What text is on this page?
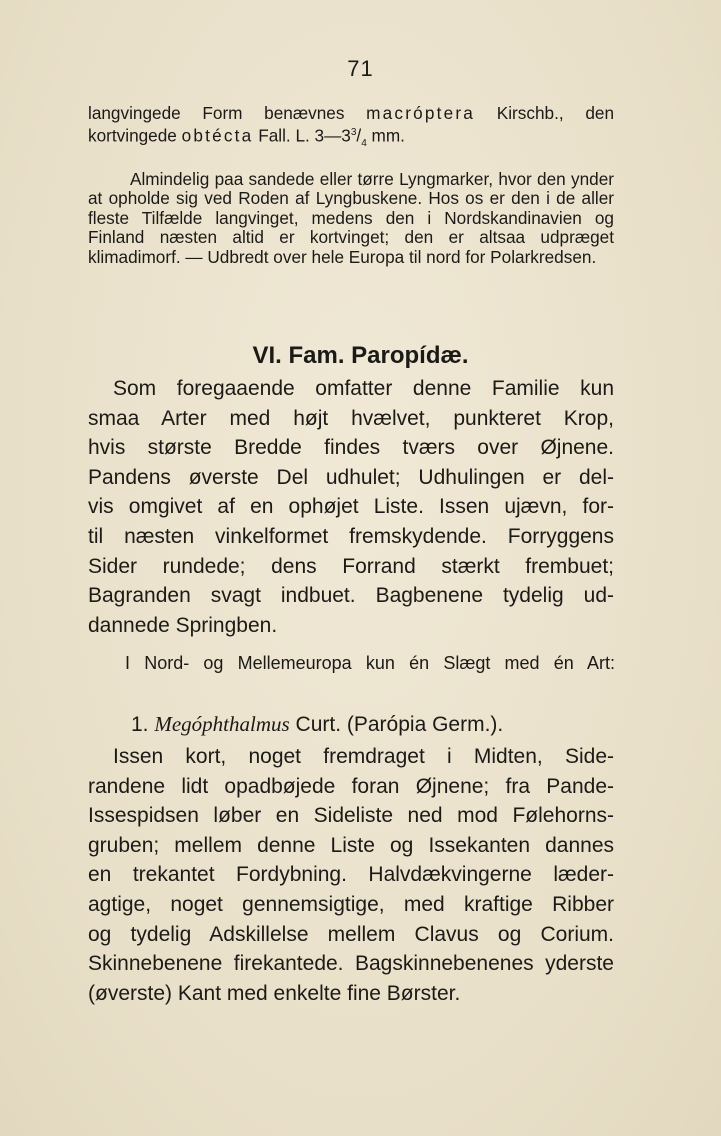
71

langvingede Form benævnes macróptera Kirschb., den kortvingede obtécta Fall. L. $3—3^3/_4$ mm.

Almindelig paa sandede eller tørre Lyngmarker, hvor den ynder at opholde sig ved Roden af Lyngbuskene. Hos os er den i de aller fleste Tilfælde langvinget, medens den i Nordskandinavien og Finland næsten altid er kortvinget; den er altsaa udpræget klimadimorf. — Udbredt over hele Europa til nord for Polarkredsen.

VI. Fam. Paropídæ.
Som foregaaende omfatter denne Familie kun
smaa Arter med højt hvælvet, punkteret Krop,
hvis største Bredde findes tværs over Øjnene.
Pandens øverste Del udhulet; Udhulingen er del-
vis omgivet af en ophøjet Liste. Issen ujævn, for-
til næsten vinkelformet fremskydende. Forryggens
Sider rundede; dens Forrand stærkt frembuet;
Bagranden svagt indbuet. Bagbenene tydelig ud-
dannede Springben.
I Nord- og Mellemeuropa kun én Slægt med én Art:
1. Megóphthalmus Curt. (Parópia Germ.).
Issen kort, noget fremdraget i Midten, Side-
randene lidt opadbøjede foran Øjnene; fra Pande-
Issespidsen løber en Sideliste ned mod Følehorns-
gruben; mellem denne Liste og Issekanten dannes
en trekantet Fordybning. Halvdækvingerne læder-
agtige, noget gennemsigtige, med kraftige Ribber
og tydelig Adskillelse mellem Clavus og Corium.
Skinnebenene firekantede. Bagskinnebenenes yderste
(øverste) Kant med enkelte fine Børster.
